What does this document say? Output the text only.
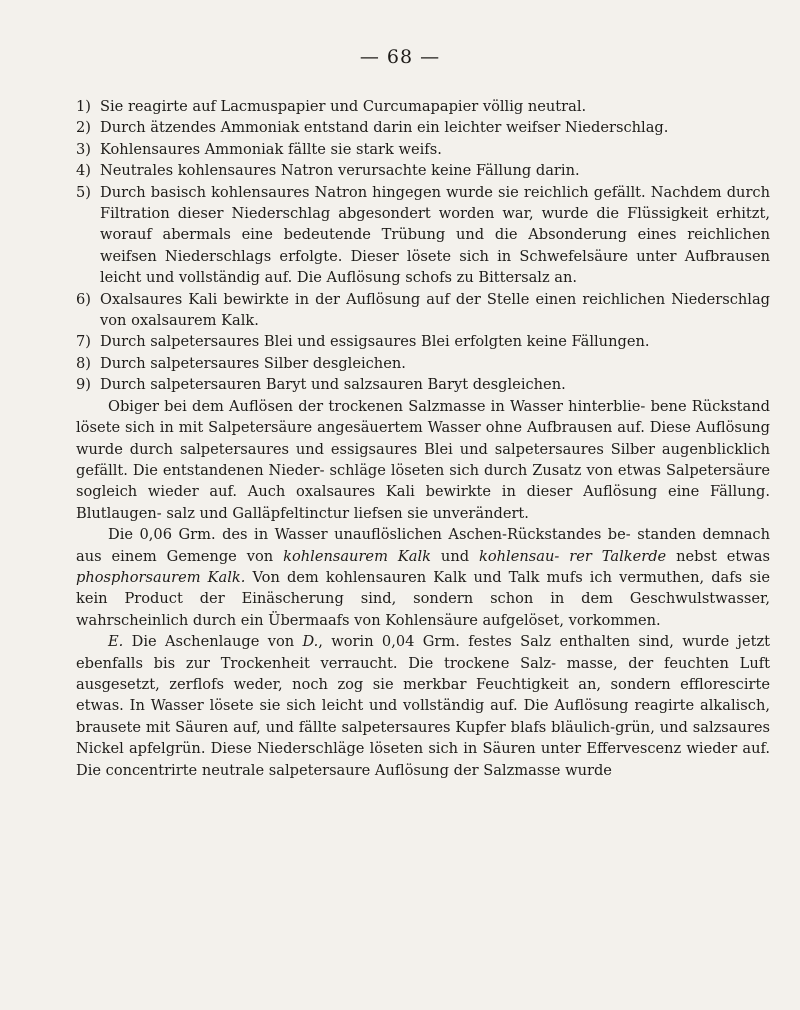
— 68 —
1) Sie reagirte auf Lacmuspapier und Curcumapapier völlig neutral.
2) Durch ätzendes Ammoniak entstand darin ein leichter weifser Niederschlag.
3) Kohlensaures Ammoniak fällte sie stark weifs.
4) Neutrales kohlensaures Natron verursachte keine Fällung darin.
5) Durch basisch kohlensaures Natron hingegen wurde sie reichlich gefällt. Nachdem durch Filtration dieser Niederschlag abgesondert worden war, wurde die Flüssigkeit erhitzt, worauf abermals eine bedeutende Trübung und die Absonderung eines reichlichen weifsen Niederschlags erfolgte. Dieser lösete sich in Schwefelsäure unter Aufbrausen leicht und vollständig auf. Die Auflösung schofs zu Bittersalz an.
6) Oxalsaures Kali bewirkte in der Auflösung auf der Stelle einen reichlichen Niederschlag von oxalsaurem Kalk.
7) Durch salpetersaures Blei und essigsaures Blei erfolgten keine Fällungen.
8) Durch salpetersaures Silber desgleichen.
9) Durch salpetersauren Baryt und salzsauren Baryt desgleichen.

Obiger bei dem Auflösen der trockenen Salzmasse in Wasser hinterblie- bene Rückstand lösete sich in mit Salpetersäure angesäuertem Wasser ohne Aufbrausen auf. Diese Auflösung wurde durch salpetersaures und essigsaures Blei und salpetersaures Silber augenblicklich gefällt. Die entstandenen Nieder- schläge löseten sich durch Zusatz von etwas Salpetersäure sogleich wieder auf. Auch oxalsaures Kali bewirkte in dieser Auflösung eine Fällung. Blutlaugen- salz und Galläpfeltinctur liefsen sie unverändert.

Die 0,06 Grm. des in Wasser unauflöslichen Aschen-Rückstandes be- standen demnach aus einem Gemenge von kohlensaurem Kalk und kohlensau- rer Talkerde nebst etwas phosphorsaurem Kalk. Von dem kohlensauren Kalk und Talk mufs ich vermuthen, dafs sie kein Product der Einäscherung sind, sondern schon in dem Geschwulstwasser, wahrscheinlich durch ein Übermaafs von Kohlensäure aufgelöset, vorkommen.

E. Die Aschenlauge von D., worin 0,04 Grm. festes Salz enthalten sind, wurde jetzt ebenfalls bis zur Trockenheit verraucht. Die trockene Salz- masse, der feuchten Luft ausgesetzt, zerflofs weder, noch zog sie merkbar Feuchtigkeit an, sondern efflorescirte etwas. In Wasser lösete sie sich leicht und vollständig auf. Die Auflösung reagirte alkalisch, brausete mit Säuren auf, und fällte salpetersaures Kupfer blafs bläulich-grün, und salzsaures Nickel apfelgrün. Diese Niederschläge löseten sich in Säuren unter Effervescenz wieder auf. Die concentrirte neutrale salpetersaure Auflösung der Salzmasse wurde
